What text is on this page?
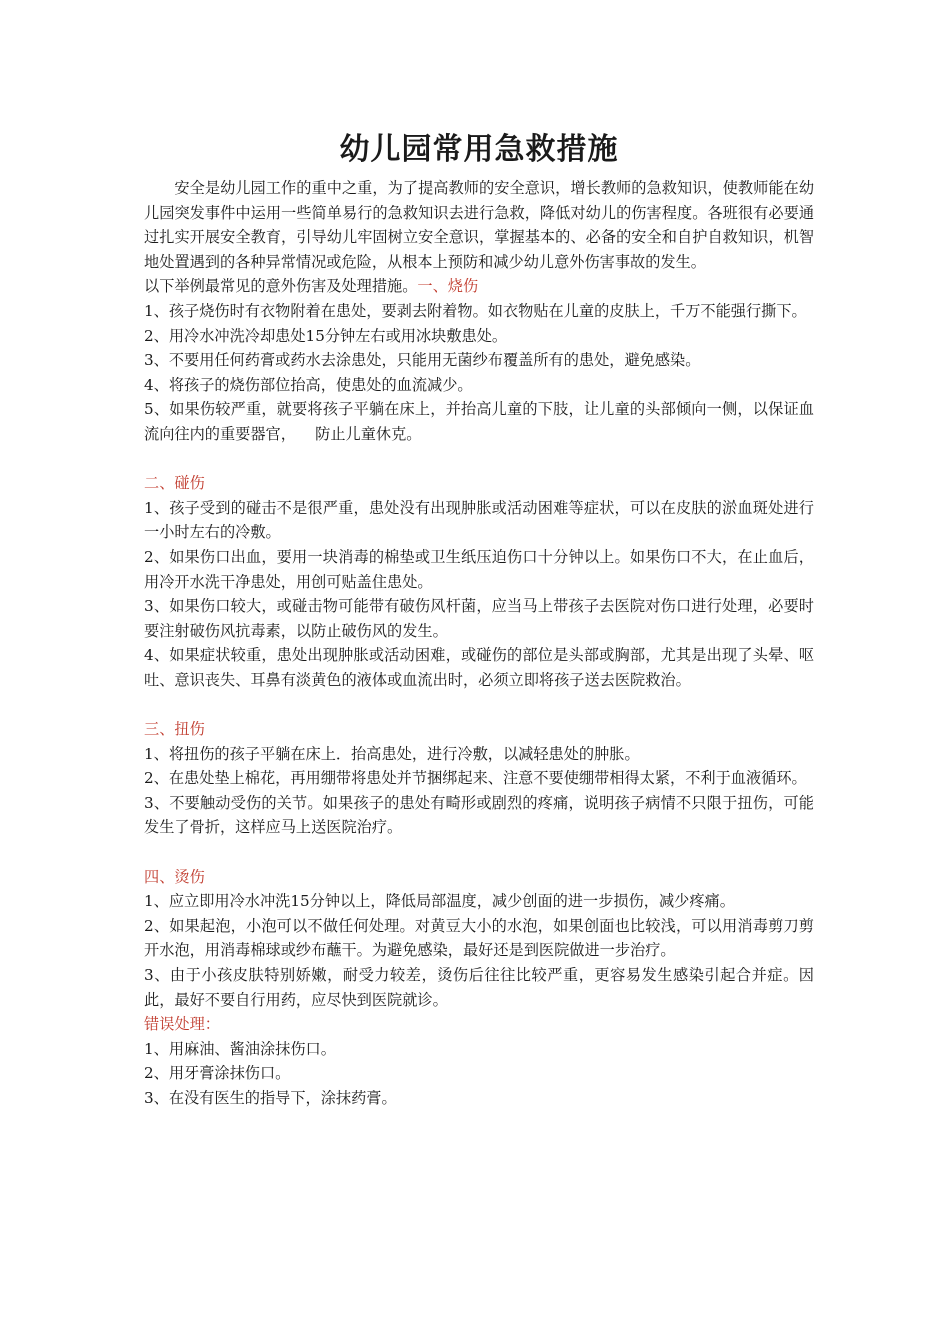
幼儿园常用急救措施

安全是幼儿园工作的重中之重，为了提高教师的安全意识，增长教师的急救知识，使教师能在幼儿园突发事件中运用一些简单易行的急救知识去进行急救，降低对幼儿的伤害程度。各班很有必要通过扎实开展安全教育，引导幼儿牢固树立安全意识，掌握基本的、必备的安全和自护自救知识，机智地处置遇到的各种异常情况或危险，从根本上预防和减少幼儿意外伤害事故的发生。

以下举例最常见的意外伤害及处理措施。一、烧伤

1、孩子烧伤时有衣物附着在患处，要剥去附着物。如衣物贴在儿童的皮肤上，千万不能强行撕下。

2、用冷水冲洗冷却患处15分钟左右或用冰块敷患处。

3、不要用任何药膏或药水去涂患处，只能用无菌纱布覆盖所有的患处，避免感染。

4、将孩子的烧伤部位抬高，使患处的血流减少。

5、如果伤较严重，就要将孩子平躺在床上，并抬高儿童的下肢，让儿童的头部倾向一侧，以保证血流向往内的重要器官，    防止儿童休克。

二、碰伤

1、孩子受到的碰击不是很严重，患处没有出现肿胀或活动困难等症状，可以在皮肤的淤血斑处进行一小时左右的冷敷。

2、如果伤口出血，要用一块消毒的棉垫或卫生纸压迫伤口十分钟以上。如果伤口不大，在止血后，用冷开水洗干净患处，用创可贴盖住患处。

3、如果伤口较大，或碰击物可能带有破伤风杆菌，应当马上带孩子去医院对伤口进行处理，必要时要注射破伤风抗毒素，以防止破伤风的发生。

4、如果症状较重，患处出现肿胀或活动困难，或碰伤的部位是头部或胸部，尤其是出现了头晕、呕吐、意识丧失、耳鼻有淡黄色的液体或血流出时，必须立即将孩子送去医院救治。

三、扭伤

1、将扭伤的孩子平躺在床上．抬高患处，进行冷敷，以减轻患处的肿胀。

2、在患处垫上棉花，再用绷带将患处并节捆绑起来、注意不要使绷带相得太紧，不利于血液循环。

3、不要触动受伤的关节。如果孩子的患处有畸形或剧烈的疼痛，说明孩子病情不只限于扭伤，可能发生了骨折，这样应马上送医院治疗。

四、烫伤

1、应立即用冷水冲洗15分钟以上，降低局部温度，减少创面的进一步损伤，减少疼痛。

2、如果起泡，小泡可以不做任何处理。对黄豆大小的水泡，如果创面也比较浅，可以用消毒剪刀剪开水泡，用消毒棉球或纱布蘸干。为避免感染，最好还是到医院做进一步治疗。

3、由于小孩皮肤特别娇嫩，耐受力较差，烫伤后往往比较严重，更容易发生感染引起合并症。因此，最好不要自行用药，应尽快到医院就诊。

错误处理：

1、用麻油、酱油涂抹伤口。

2、用牙膏涂抹伤口。

3、在没有医生的指导下，涂抹药膏。
